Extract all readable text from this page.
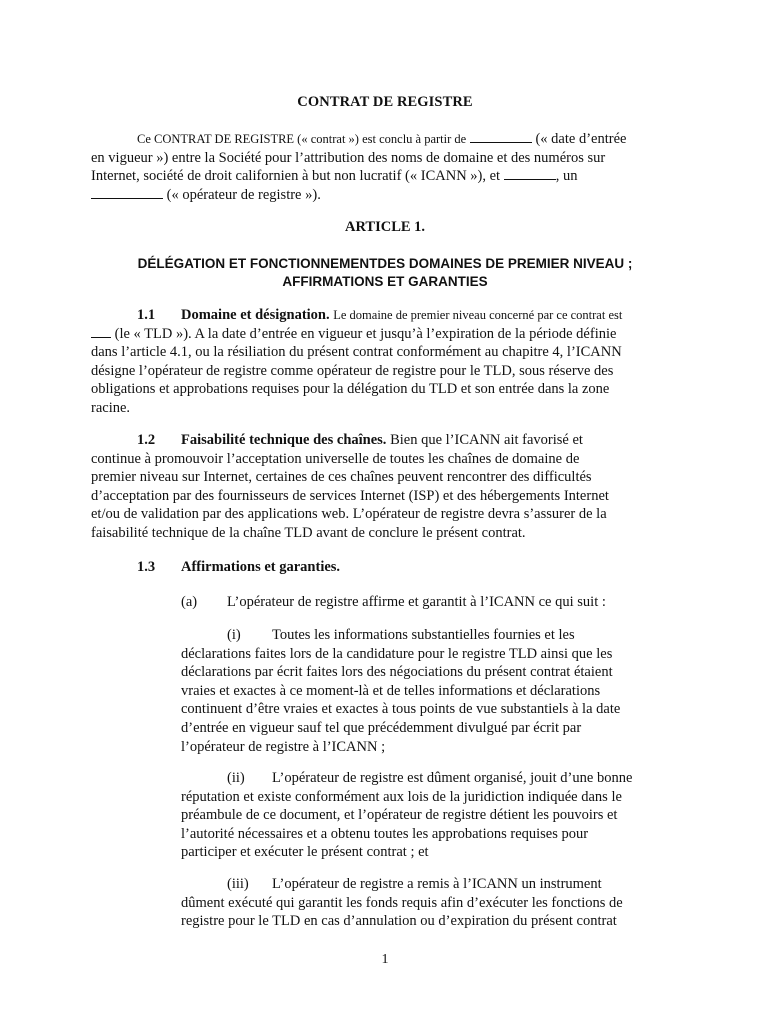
CONTRAT DE REGISTRE
Ce CONTRAT DE REGISTRE (« contrat ») est conclu à partir de	(« date d’entrée
en vigueur ») entre la Société pour l’attribution des noms de domaine et des numéros sur
Internet, société de droit californien à but non lucratif (« ICANN »), et	, un
(« opérateur de registre »).
ARTICLE 1.
DÉLÉGATION ET FONCTIONNEMENTDES DOMAINES DE PREMIER NIVEAU ;
AFFIRMATIONS ET GARANTIES
1.1 Domaine et désignation. Le domaine de premier niveau concerné par ce contrat est
(le « TLD »). A la date d’entrée en vigueur et jusqu’à l’expiration de la période définie
dans l’article 4.1, ou la résiliation du présent contrat conformément au chapitre 4, l’ICANN
désigne l’opérateur de registre comme opérateur de registre pour le TLD, sous réserve des
obligations et approbations requises pour la délégation du TLD et son entrée dans la zone
racine.
1.2 Faisabilité technique des chaînes. Bien que l’ICANN ait favorisé et
continue à promouvoir l’acceptation universelle de toutes les chaînes de domaine de
premier niveau sur Internet, certaines de ces chaînes peuvent rencontrer des difficultés
d’acceptation par des fournisseurs de services Internet (ISP) et des hébergements Internet
et/ou de validation par des applications web. L’opérateur de registre devra s’assurer de la
faisabilité technique de la chaîne TLD avant de conclure le présent contrat.
1.3 Affirmations et garanties.
(a) L’opérateur de registre affirme et garantit à l’ICANN ce qui suit :
(i) Toutes les informations substantielles fournies et les
déclarations faites lors de la candidature pour le registre TLD ainsi que les
déclarations par écrit faites lors des négociations du présent contrat étaient
vraies et exactes à ce moment-là et de telles informations et déclarations
continuent d’être vraies et exactes à tous points de vue substantiels à la date
d’entrée en vigueur sauf tel que précédemment divulgué par écrit par
l’opérateur de registre à l’ICANN ;
(ii) L’opérateur de registre est dûment organisé, jouit d’une bonne
réputation et existe conformément aux lois de la juridiction indiquée dans le
préambule de ce document, et l’opérateur de registre détient les pouvoirs et
l’autorité nécessaires et a obtenu toutes les approbations requises pour
participer et exécuter le présent contrat ; et
(iii) L’opérateur de registre a remis à l’ICANN un instrument
dûment exécuté qui garantit les fonds requis afin d’exécuter les fonctions de
registre pour le TLD en cas d’annulation ou d’expiration du présent contrat
1
